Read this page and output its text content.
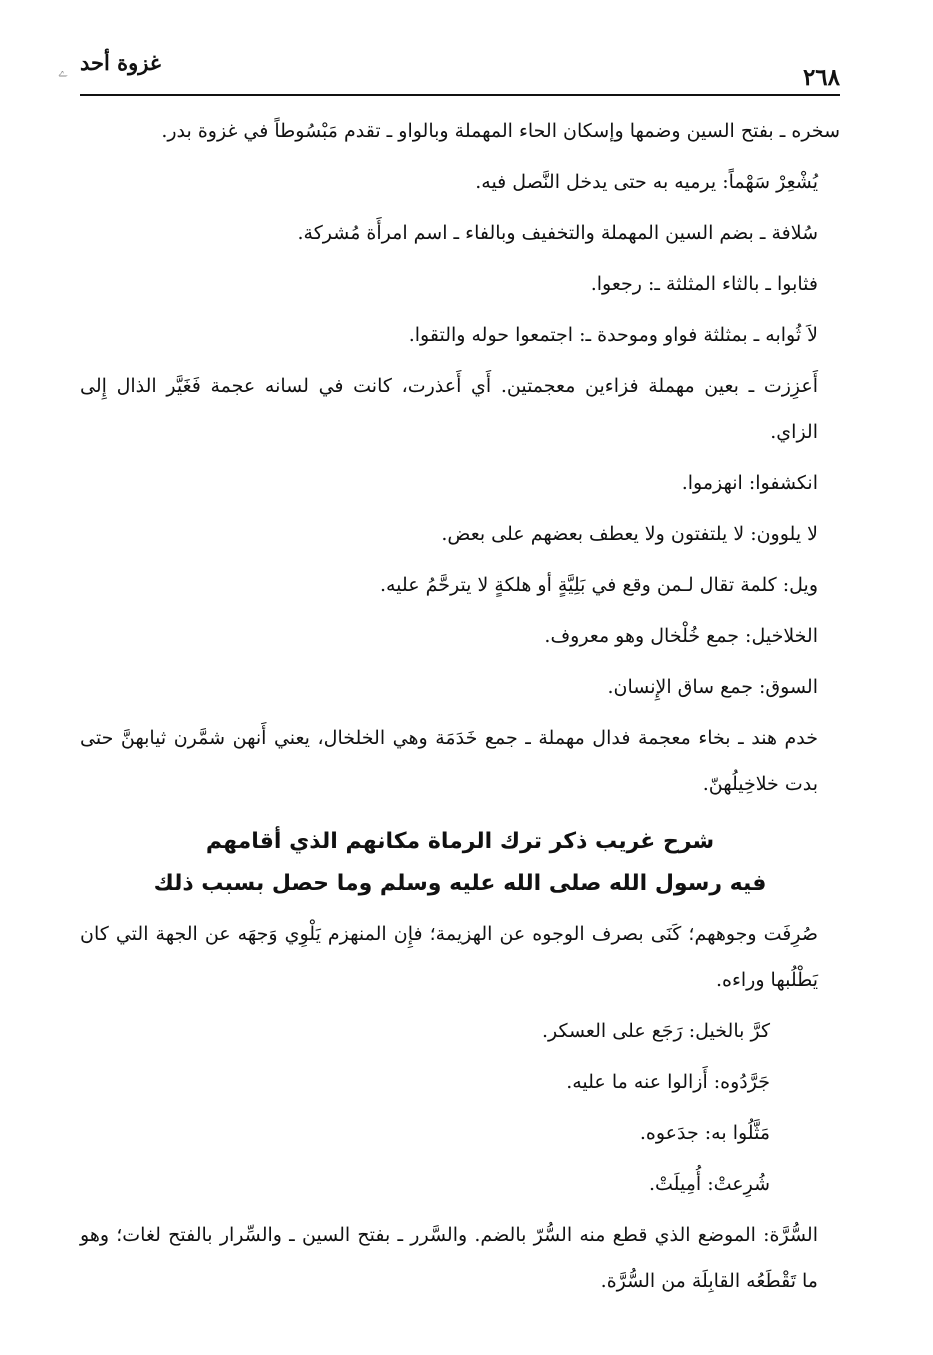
ﮮ غزوة أحد
٢٦٨

سخره ـ بفتح السين وضمها وإسكان الحاء المهملة وبالواو ـ تقدم مَبْسُوطاً في غزوة بدر.

يُشْعِرْ سَهْماً: يرميه به حتى يدخل النَّصل فيه.

سُلافة ـ بضم السين المهملة والتخفيف وبالفاء ـ اسم امرأَة مُشركة.

فثابوا ـ بالثاء المثلثة ـ: رجعوا.

لاَ ثُوابه ـ بمثلثة فواو وموحدة ـ: اجتمعوا حوله والتقوا.

أَعزِزت ـ بعين مهملة فزاءين معجمتين. أَي أَعذرت، كانت في لسانه عجمة فَغَيَّر الذال إِلى الزاي.

انكشفوا: انهزموا.

لا يلوون: لا يلتفتون ولا يعطف بعضهم على بعض.

ويل: كلمة تقال لـمن وقع في بَلِيَّةٍ أو هلكةٍ لا يترحَّمُ عليه.

الخلاخيل: جمع خُلْخال وهو معروف.

السوق: جمع ساق الإِنسان.

خدم هند ـ بخاء معجمة فدال مهملة ـ جمع خَدَمَة وهي الخلخال، يعني أَنهن شمَّرن ثيابهنَّ حتى بدت خلاخِيلُهنّ.

شرح غريب ذكر ترك الرماة مكانهم الذي أقامهم
فيه رسول الله صلى الله عليه وسلم وما حصل بسبب ذلك

صُرِفَت وجوههم؛ كَنَى بصرف الوجوه عن الهزيمة؛ فإِن المنهزم يَلْوِي وَجهَه عن الجهة التي كان يَطْلُبها وراءه.

كرَّ بالخيل: رَجَع على العسكر.

جَرَّدُوه: أَزالوا عنه ما عليه.

مَثَّلُوا به: جدَعوه.

شُرِعتْ: أُمِيلَتْ.

السُّرَّة: الموضع الذي قطع منه السُّرّ بالضم. والسَّرر ـ بفتح السين ـ والسِّرار بالفتح لغات؛ وهو ما تَقْطَعُه القابِلَة من السُّرَّة.
